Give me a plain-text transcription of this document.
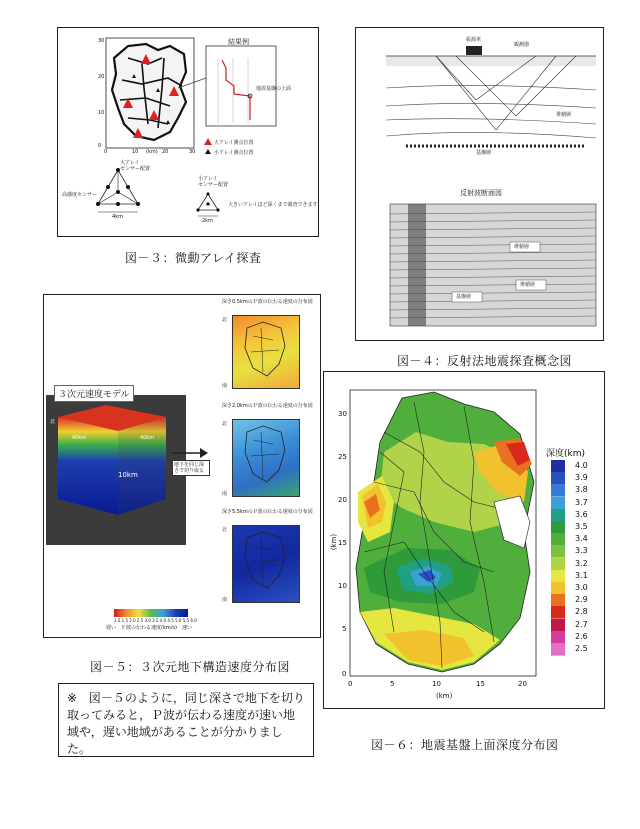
(km)
0	10	20	30
30
20
10
0
結果例
地震基盤の上面
大アレイ測点位置
小アレイ測点位置
大アレイ
センサー配置
小アレイ
センサー配置
高感度センサー
4km
2km
大きいアレイほど深くまで調査できます
図－３：微動アレイ探査
振源車
観測器
堆積層
基盤層
反射波断面図
堆積層
堆積層
基盤層
図－４：反射法地震探査概念図
３次元速度モデル
40km	40km
10km
北
地下を同じ深さで切り取る
深さ0.5kmのＰ波の伝わる速度の分布図
深さ2.0kmのＰ波の伝わる速度の分布図
深さ5.5kmのＰ波の伝わる速度の分布図
北
南
北
南
北
南
1.0 1.5 2.0 2.5 3.0 3.5 4.0 4.5 5.0 5.5 6.0
遅い　Ｐ波の伝わる速度(km/s)　速い
図－５：３次元地下構造速度分布図
※ 図－５のように，同じ深さで地下を切り取ってみると，Ｐ波が伝わる速度が速い地域や，遅い地域があることが分かりました。
(km)
(km)
30
25
20
15
10
5
0
0	5	10	15	20
深度(km)
4.0
3.9
3.8
3.7
3.6
3.5
3.4
3.3
3.2
3.1
3.0
2.9
2.8
2.7
2.6
2.5
図－６：地震基盤上面深度分布図
